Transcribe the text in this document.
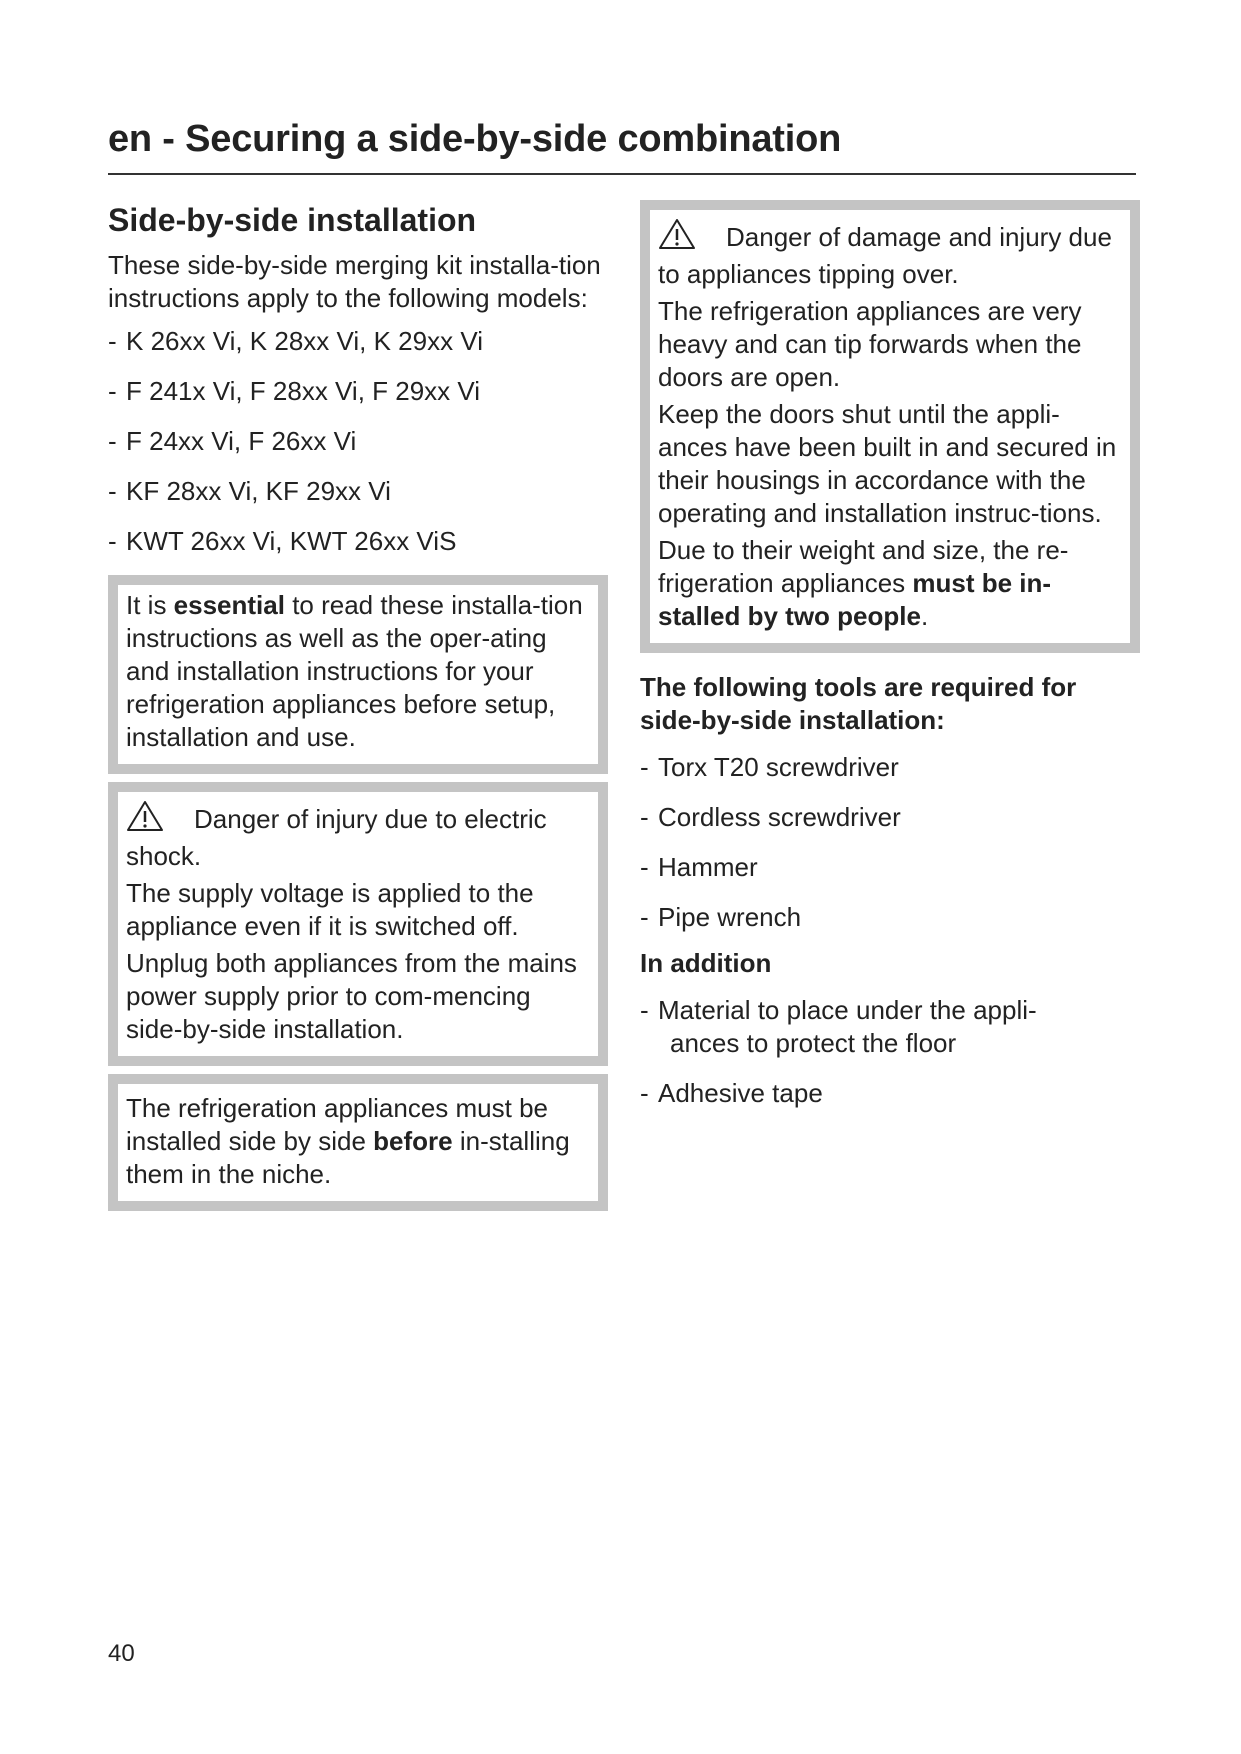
en - Securing a side-by-side combination
Side-by-side installation

These side-by-side merging kit installa-tion instructions apply to the following models:

- K 26xx Vi, K 28xx Vi, K 29xx Vi
- F 241x Vi, F 28xx Vi, F 29xx Vi
- F 24xx Vi, F 26xx Vi
- KF 28xx Vi, KF 29xx Vi
- KWT 26xx Vi, KWT 26xx ViS

It is essential to read these installa-tion instructions as well as the oper-ating and installation instructions for your refrigeration appliances before setup, installation and use.

Danger of injury due to electric shock.

The supply voltage is applied to the appliance even if it is switched off.

Unplug both appliances from the mains power supply prior to com-mencing side-by-side installation.

The refrigeration appliances must be installed side by side before in-stalling them in the niche.

Danger of damage and injury due to appliances tipping over.

The refrigeration appliances are very heavy and can tip forwards when the doors are open.

Keep the doors shut until the appli-ances have been built in and secured in their housings in accordance with the operating and installation instruc-tions.

Due to their weight and size, the re-frigeration appliances must be in-stalled by two people.

The following tools are required for side-by-side installation:

- Torx T20 screwdriver
- Cordless screwdriver
- Hammer
- Pipe wrench

In addition

- Material to place under the appli-
ances to protect the floor
- Adhesive tape
40
